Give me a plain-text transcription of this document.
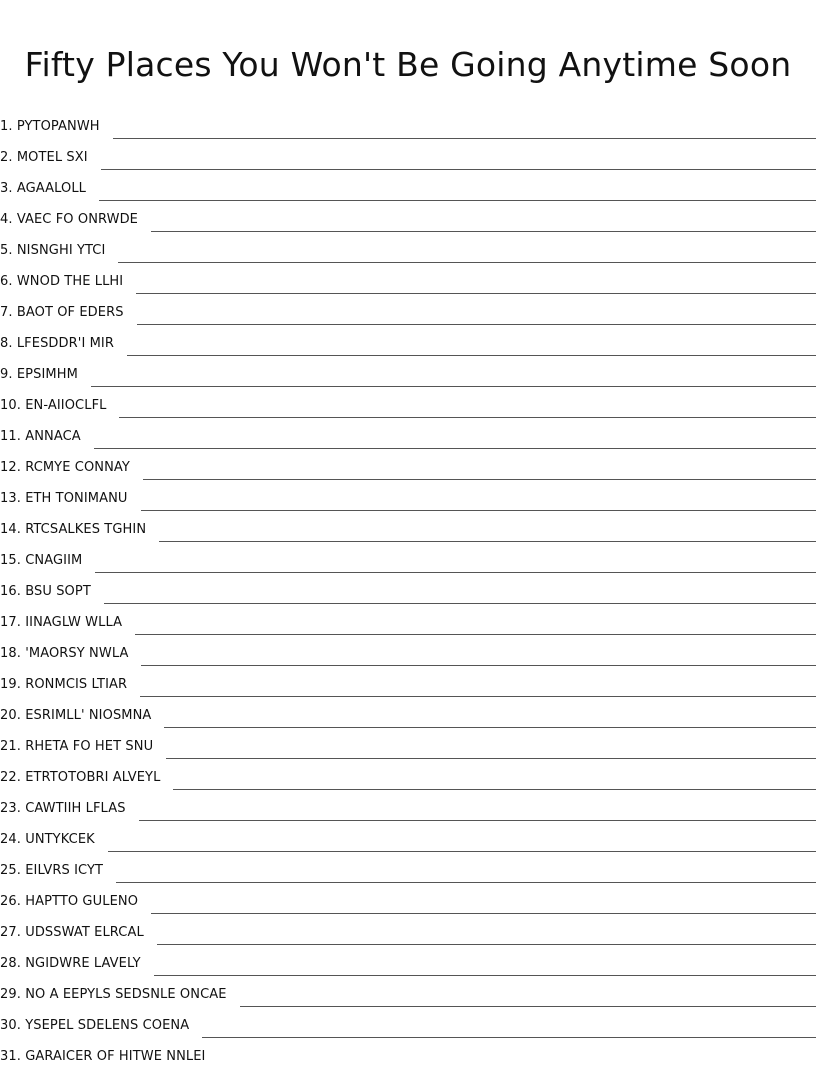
Fifty Places You Won't Be Going Anytime Soon
1. PYTOPANWH
2. MOTEL SXI
3. AGAALOLL
4. VAEC FO ONRWDE
5. NISNGHI YTCI
6. WNOD THE LLHI
7. BAOT OF EDERS
8. LFESDDR'I MIR
9. EPSIMHM
10. EN-AIIOCLFL
11. ANNACA
12. RCMYE CONNAY
13. ETH TONIMANU
14. RTCSALKES TGHIN
15. CNAGIIM
16. BSU SOPT
17. IINAGLW WLLA
18. 'MAORSY NWLA
19. RONMCIS LTIAR
20. ESRIMLL' NIOSMNA
21. RHETA FO HET SNU
22. ETRTOTOBRI ALVEYL
23. CAWTIIH LFLAS
24. UNTYKCEK
25. EILVRS ICYT
26. HAPTTO GULENO
27. UDSSWAT ELRCAL
28. NGIDWRE LAVELY
29. NO A EEPYLS SEDSNLE ONCAE
30. YSEPEL SDELENS COENA
31. GARAICER OF HITWE NNLEI
